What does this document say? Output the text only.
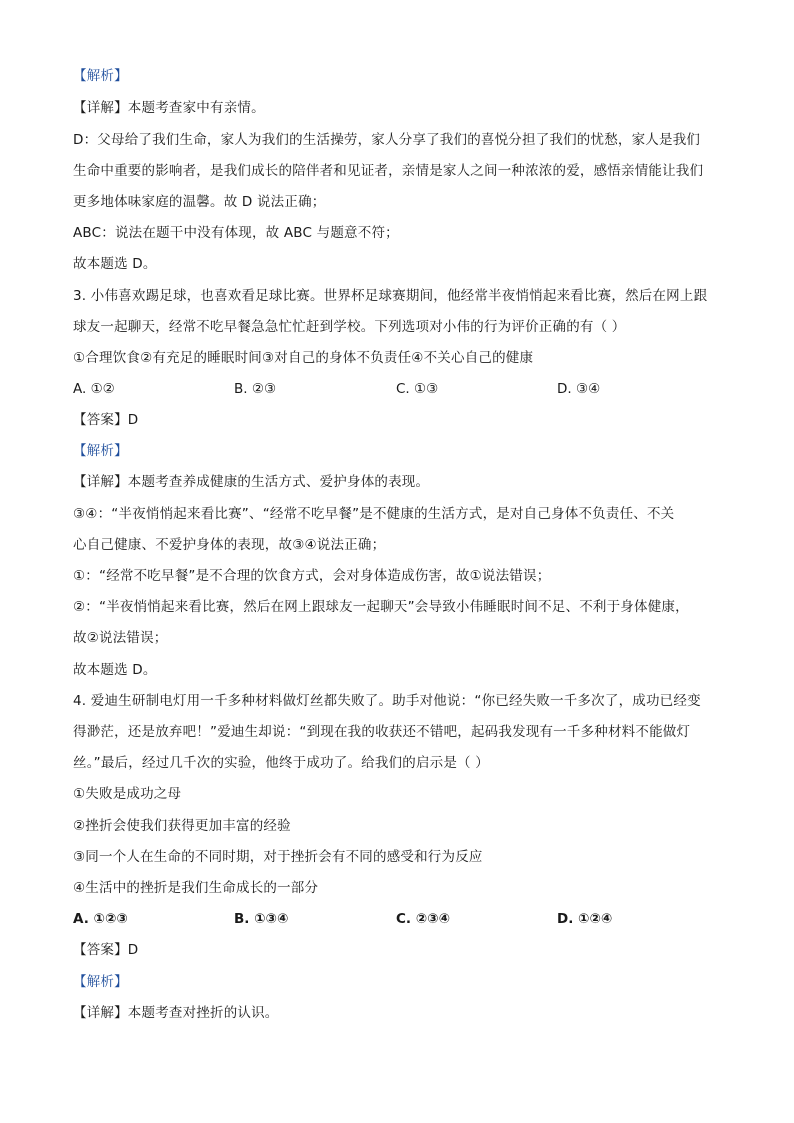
【解析】
【详解】本题考查家中有亲情。
D：父母给了我们生命，家人为我们的生活操劳，家人分享了我们的喜悦分担了我们的忧愁，家人是我们
生命中重要的影响者，是我们成长的陪伴者和见证者，亲情是家人之间一种浓浓的爱，感悟亲情能让我们
更多地体味家庭的温馨。故 D 说法正确；
ABC：说法在题干中没有体现，故 ABC 与题意不符；
故本题选 D。
3. 小伟喜欢踢足球，也喜欢看足球比赛。世界杯足球赛期间，他经常半夜悄悄起来看比赛，然后在网上跟
球友一起聊天，经常不吃早餐急急忙忙赶到学校。下列选项对小伟的行为评价正确的有（ ）
①合理饮食②有充足的睡眠时间③对自己的身体不负责任④不关心自己的健康
A. ①②	B. ②③	C. ①③	D. ③④
【答案】D
【解析】
【详解】本题考查养成健康的生活方式、爱护身体的表现。
③④：“半夜悄悄起来看比赛”、“经常不吃早餐”是不健康的生活方式，是对自己身体不负责任、不关
心自己健康、不爱护身体的表现，故③④说法正确；
①：“经常不吃早餐”是不合理的饮食方式，会对身体造成伤害，故①说法错误；
②：“半夜悄悄起来看比赛，然后在网上跟球友一起聊天”会导致小伟睡眠时间不足、不利于身体健康，
故②说法错误；
故本题选 D。
4. 爱迪生研制电灯用一千多种材料做灯丝都失败了。助手对他说：“你已经失败一千多次了，成功已经变
得渺茫，还是放弃吧！”爱迪生却说：“到现在我的收获还不错吧，起码我发现有一千多种材料不能做灯
丝。”最后，经过几千次的实验，他终于成功了。给我们的启示是（ ）
①失败是成功之母
②挫折会使我们获得更加丰富的经验
③同一个人在生命的不同时期，对于挫折会有不同的感受和行为反应
④生活中的挫折是我们生命成长的一部分
A. ①②③	B. ①③④	C. ②③④	D. ①②④
【答案】D
【解析】
【详解】本题考查对挫折的认识。
